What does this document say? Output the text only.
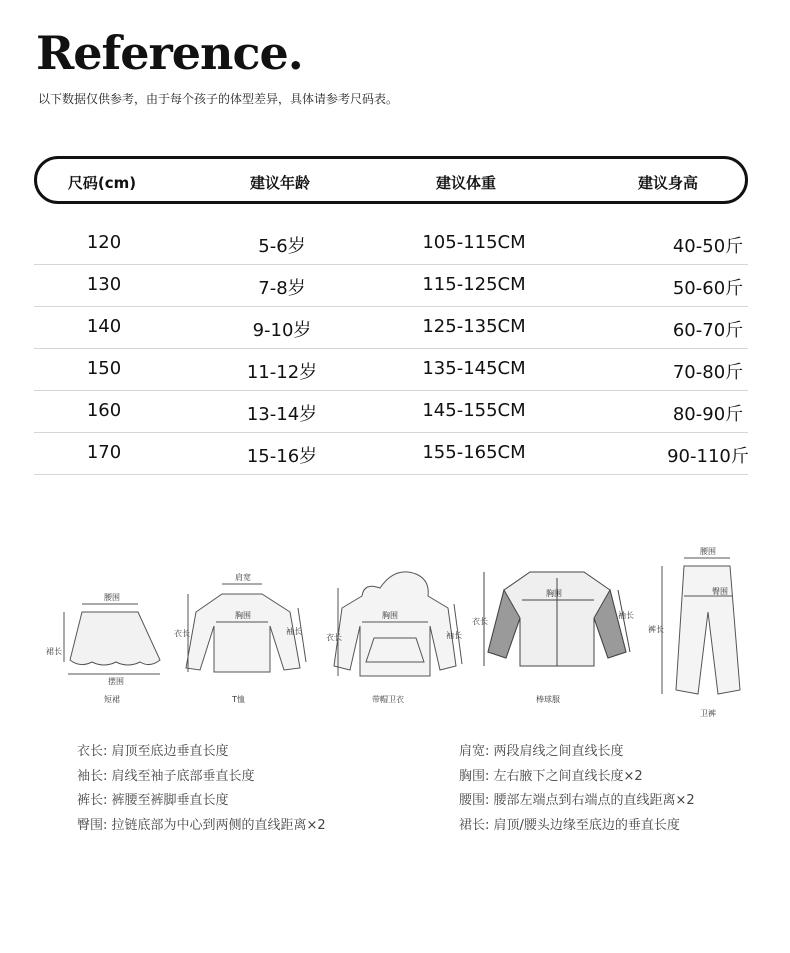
Reference.
以下数据仅供参考，由于每个孩子的体型差异，具体请参考尺码表。
尺码(cm)	建议年龄	建议体重	建议身高
120	5-6岁	105-115CM	40-50斤
130	7-8岁	115-125CM	50-60斤
140	9-10岁	125-135CM	60-70斤
150	11-12岁	135-145CM	70-80斤
160	13-14岁	145-155CM	80-90斤
170	15-16岁	155-165CM	90-110斤
腰围
裙长
摆围
短裙
肩宽
胸围
衣长	袖长
T恤
胸围
衣长	袖长
带帽卫衣
胸围
衣长
袖长
棒球服
腰围
臀围
裤长
卫裤
衣长: 肩顶至底边垂直长度
袖长: 肩线至袖子底部垂直长度
裤长: 裤腰至裤脚垂直长度
臀围: 拉链底部为中心到两侧的直线距离×2
肩宽: 两段肩线之间直线长度
胸围: 左右腋下之间直线长度×2
腰围: 腰部左端点到右端点的直线距离×2
裙长: 肩顶/腰头边缘至底边的垂直长度
